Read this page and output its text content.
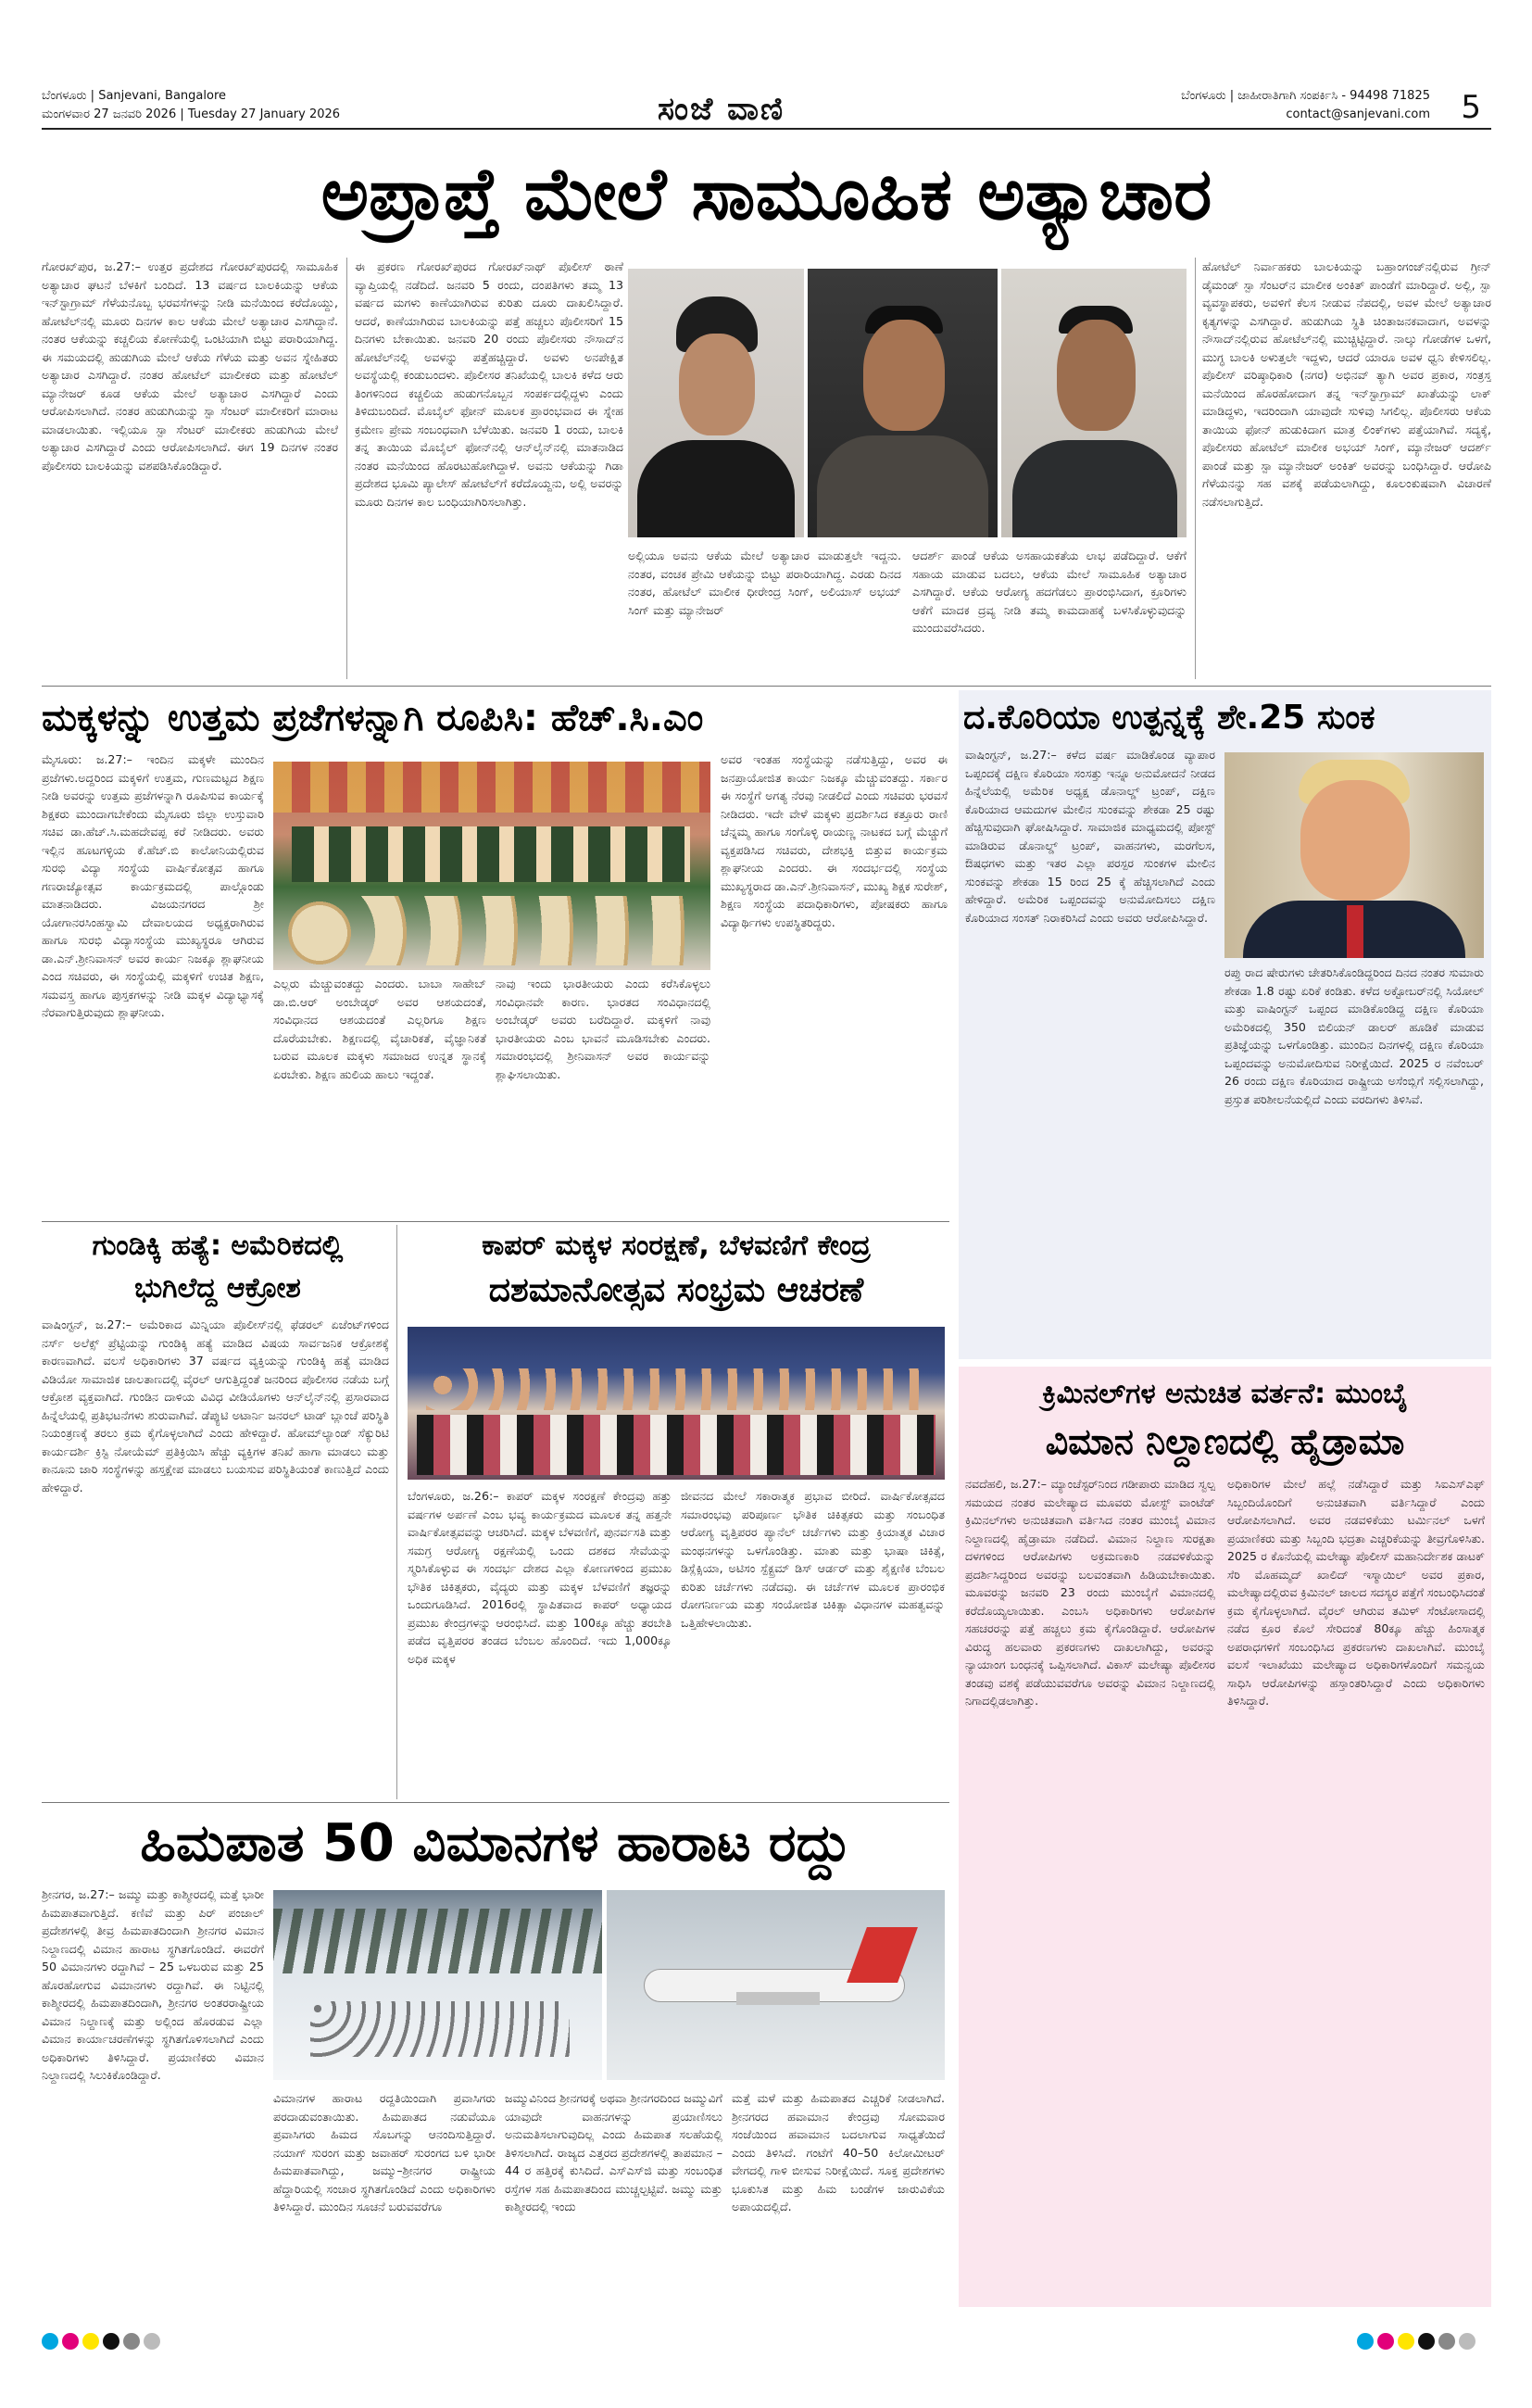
ಬೆಂಗಳೂರು | Sanjevani, Bangalore
ಮಂಗಳವಾರ 27 ಜನವರಿ 2026 | Tuesday 27 January 2026	ಸಂಜೆ ವಾಣಿ	ಬೆಂಗಳೂರು | ಜಾಹೀರಾತಿಗಾಗಿ ಸಂಪರ್ಕಿಸಿ - 94498 71825
contact@sanjevani.com 5
ಅಪ್ರಾಪ್ತೆ ಮೇಲೆ ಸಾಮೂಹಿಕ ಅತ್ಯಾಚಾರ
ಗೋರಖ್‌ಪುರ, ಜ.27:– ಉತ್ತರ ಪ್ರದೇಶದ ಗೋರಖ್‌ಪುರದಲ್ಲಿ ಸಾಮೂಹಿಕ ಅತ್ಯಾಚಾರ ಘಟನೆ ಬೆಳಕಿಗೆ ಬಂದಿದೆ. 13 ವರ್ಷದ ಬಾಲಕಿಯನ್ನು ಆಕೆಯ ಇನ್‌ಸ್ಟಾಗ್ರಾಮ್ ಗೆಳೆಯನೊಬ್ಬ ಭರವಸೆಗಳನ್ನು ನೀಡಿ ಮನೆಯಿಂದ ಕರೆದೊಯ್ದು, ಹೋಟೆಲ್‌ನಲ್ಲಿ ಮೂರು ದಿನಗಳ ಕಾಲ ಆಕೆಯ ಮೇಲೆ ಅತ್ಯಾಚಾರ ಎಸಗಿದ್ದಾನೆ. ನಂತರ ಆಕೆಯನ್ನು ಕಚ್ಚಲಿಯ ಕೋಣೆಯಲ್ಲಿ ಒಂಟಿಯಾಗಿ ಬಿಟ್ಟು ಪರಾರಿಯಾಗಿದ್ದ. ಈ ಸಮಯದಲ್ಲಿ ಹುಡುಗಿಯ ಮೇಲೆ ಆಕೆಯ ಗೆಳೆಯ ಮತ್ತು ಅವನ ಸ್ನೇಹಿತರು ಅತ್ಯಾಚಾರ ಎಸಗಿದ್ದಾರೆ. ನಂತರ ಹೋಟೆಲ್ ಮಾಲೀಕರು ಮತ್ತು ಹೋಟೆಲ್ ಮ್ಯಾನೇಜರ್ ಕೂಡ ಆಕೆಯ ಮೇಲೆ ಅತ್ಯಾಚಾರ ಎಸಗಿದ್ದಾರೆ ಎಂದು ಆರೋಪಿಸಲಾಗಿದೆ. ನಂತರ ಹುಡುಗಿಯನ್ನು ಸ್ಪಾ ಸೆಂಟರ್ ಮಾಲೀಕರಿಗೆ ಮಾರಾಟ ಮಾಡಲಾಯಿತು. ಇಲ್ಲಿಯೂ ಸ್ಪಾ ಸೆಂಟರ್ ಮಾಲೀಕರು ಹುಡುಗಿಯ ಮೇಲೆ ಅತ್ಯಾಚಾರ ಎಸಗಿದ್ದಾರೆ ಎಂದು ಆರೋಪಿಸಲಾಗಿದೆ. ಈಗ 19 ದಿನಗಳ ನಂತರ ಪೊಲೀಸರು ಬಾಲಕಿಯನ್ನು ವಶಪಡಿಸಿಕೊಂಡಿದ್ದಾರೆ.
ಈ ಪ್ರಕರಣ ಗೋರಖ್‌ಪುರದ ಗೋರಖ್‌ನಾಥ್ ಪೊಲೀಸ್ ಠಾಣೆ ವ್ಯಾಪ್ತಿಯಲ್ಲಿ ನಡೆದಿದೆ. ಜನವರಿ 5 ರಂದು, ದಂಪತಿಗಳು ತಮ್ಮ 13 ವರ್ಷದ ಮಗಳು ಕಾಣೆಯಾಗಿರುವ ಕುರಿತು ದೂರು ದಾಖಲಿಸಿದ್ದಾರೆ. ಆದರೆ, ಕಾಣೆಯಾಗಿರುವ ಬಾಲಕಿಯನ್ನು ಪತ್ತೆ ಹಚ್ಚಲು ಪೊಲೀಸರಿಗೆ 15 ದಿನಗಳು ಬೇಕಾಯಿತು. ಜನವರಿ 20 ರಂದು ಪೊಲೀಸರು ನೌಸಾದ್‌ನ ಹೋಟೆಲ್‌ನಲ್ಲಿ ಅವಳನ್ನು ಪತ್ತೆಹಚ್ಚಿದ್ದಾರೆ. ಅವಳು ಅನಪೇಕ್ಷಿತ ಅವಸ್ಥೆಯಲ್ಲಿ ಕಂಡುಬಂದಳು. ಪೊಲೀಸರ ತನಿಖೆಯಲ್ಲಿ ಬಾಲಕಿ ಕಳೆದ ಆರು ತಿಂಗಳಿನಿಂದ ಕಚ್ಚಲಿಯ ಹುಡುಗನೊಬ್ಬನ ಸಂಪರ್ಕದಲ್ಲಿದ್ದಳು ಎಂದು ತಿಳಿದುಬಂದಿದೆ. ಮೊಬೈಲ್ ಫೋನ್ ಮೂಲಕ ಪ್ರಾರಂಭವಾದ ಈ ಸ್ನೇಹ ಕ್ರಮೇಣ ಪ್ರೇಮ ಸಂಬಂಧವಾಗಿ ಬೆಳೆಯಿತು. ಜನವರಿ 1 ರಂದು, ಬಾಲಕಿ ತನ್ನ ತಾಯಿಯ ಮೊಬೈಲ್ ಫೋನ್‌ನಲ್ಲಿ ಆನ್‌ಲೈನ್‌ನಲ್ಲಿ ಮಾತನಾಡಿದ ನಂತರ ಮನೆಯಿಂದ ಹೊರಟುಹೋಗಿದ್ದಾಳೆ. ಅವನು ಆಕೆಯನ್ನು ಗಿಡಾ ಪ್ರದೇಶದ ಭೂಮಿ ಪ್ಯಾಲೇಸ್ ಹೋಟೆಲ್‌ಗೆ ಕರೆದೊಯ್ದನು, ಅಲ್ಲಿ ಅವರನ್ನು ಮೂರು ದಿನಗಳ ಕಾಲ ಬಂಧಿಯಾಗಿರಿಸಲಾಗಿತ್ತು.
ಅಲ್ಲಿಯೂ ಅವನು ಆಕೆಯ ಮೇಲೆ ಅತ್ಯಾಚಾರ ಮಾಡುತ್ತಲೇ ಇದ್ದನು. ನಂತರ, ವಂಚಕ ಪ್ರೇಮಿ ಆಕೆಯನ್ನು ಬಿಟ್ಟು ಪರಾರಿಯಾಗಿದ್ದ. ಎರಡು ದಿನದ ನಂತರ, ಹೋಟೆಲ್ ಮಾಲೀಕ ಧೀರೇಂದ್ರ ಸಿಂಗ್, ಅಲಿಯಾಸ್ ಅಭಯ್ ಸಿಂಗ್ ಮತ್ತು ಮ್ಯಾನೇಜರ್
ಆದರ್ಶ್ ಪಾಂಡೆ ಆಕೆಯ ಅಸಹಾಯಕತೆಯ ಲಾಭ ಪಡೆದಿದ್ದಾರೆ. ಆಕೆಗೆ ಸಹಾಯ ಮಾಡುವ ಬದಲು, ಆಕೆಯ ಮೇಲೆ ಸಾಮೂಹಿಕ ಅತ್ಯಾಚಾರ ಎಸಗಿದ್ದಾರೆ. ಆಕೆಯ ಆರೋಗ್ಯ ಹದಗೆಡಲು ಪ್ರಾರಂಭಿಸಿದಾಗ, ಕ್ರೂರಿಗಳು ಆಕೆಗೆ ಮಾದಕ ದ್ರವ್ಯ ನೀಡಿ ತಮ್ಮ ಕಾಮದಾಹಕ್ಕೆ ಬಳಸಿಕೊಳ್ಳುವುದನ್ನು ಮುಂದುವರೆಸಿದರು.
ಹೋಟೆಲ್ ನಿರ್ವಾಹಕರು ಬಾಲಕಿಯನ್ನು ಬಹ್ರಾಂಗಂಜ್‌ನಲ್ಲಿರುವ ಗ್ರೀನ್ ಡೈಮಂಡ್ ಸ್ಪಾ ಸೆಂಟರ್‌ನ ಮಾಲೀಕ ಅಂಕಿತ್ ಪಾಂಡೆಗೆ ಮಾರಿದ್ದಾರೆ. ಅಲ್ಲಿ, ಸ್ಪಾ ವ್ಯವಸ್ಥಾಪಕರು, ಅವಳಿಗೆ ಕೆಲಸ ನೀಡುವ ನೆಪದಲ್ಲಿ, ಅವಳ ಮೇಲೆ ಅತ್ಯಾಚಾರ ಕೃತ್ಯಗಳನ್ನು ಎಸಗಿದ್ದಾರೆ. ಹುಡುಗಿಯ ಸ್ಥಿತಿ ಚಿಂತಾಜನಕವಾದಾಗ, ಅವಳನ್ನು ನೌಸಾದ್‌ನಲ್ಲಿರುವ ಹೋಟೆಲ್‌ನಲ್ಲಿ ಮುಚ್ಚಿಟ್ಟಿದ್ದಾರೆ. ನಾಲ್ಕು ಗೋಡೆಗಳ ಒಳಗೆ, ಮುಗ್ಧ ಬಾಲಕಿ ಅಳುತ್ತಲೇ ಇದ್ದಳು, ಆದರೆ ಯಾರೂ ಅವಳ ಧ್ವನಿ ಕೇಳಿಸಲಿಲ್ಲ. ಪೊಲೀಸ್ ವರಿಷ್ಠಾಧಿಕಾರಿ (ನಗರ) ಅಭಿನವ್ ತ್ಯಾಗಿ ಅವರ ಪ್ರಕಾರ, ಸಂತ್ರಸ್ತ ಮನೆಯಿಂದ ಹೊರಹೋದಾಗ ತನ್ನ ಇನ್‌ಸ್ಟಾಗ್ರಾಮ್ ಖಾತೆಯನ್ನು ಲಾಕ್ ಮಾಡಿದ್ದಳು, ಇದರಿಂದಾಗಿ ಯಾವುದೇ ಸುಳಿವು ಸಿಗಲಿಲ್ಲ. ಪೊಲೀಸರು ಆಕೆಯ ತಾಯಿಯ ಫೋನ್ ಹುಡುಕಿದಾಗ ಮಾತ್ರ ಲಿಂಕ್‌ಗಳು ಪತ್ತೆಯಾಗಿವೆ. ಸದ್ಯಕ್ಕೆ, ಪೊಲೀಸರು ಹೋಟೆಲ್ ಮಾಲೀಕ ಅಭಯ್ ಸಿಂಗ್, ಮ್ಯಾನೇಜರ್ ಆದರ್ಶ್ ಪಾಂಡೆ ಮತ್ತು ಸ್ಪಾ ಮ್ಯಾನೇಜರ್ ಅಂಕಿತ್ ಅವರನ್ನು ಬಂಧಿಸಿದ್ದಾರೆ. ಆರೋಪಿ ಗೆಳೆಯನನ್ನು ಸಹ ವಶಕ್ಕೆ ಪಡೆಯಲಾಗಿದ್ದು, ಕೂಲಂಕುಷವಾಗಿ ವಿಚಾರಣೆ ನಡೆಸಲಾಗುತ್ತಿದೆ.
ಮಕ್ಕಳನ್ನು ಉತ್ತಮ ಪ್ರಜೆಗಳನ್ನಾಗಿ ರೂಪಿಸಿ: ಹೆಚ್.ಸಿ.ಎಂ
ಮೈಸೂರು: ಜ.27:– ಇಂದಿನ ಮಕ್ಕಳೇ ಮುಂದಿನ ಪ್ರಜೆಗಳು.ಅದ್ದರಿಂದ ಮಕ್ಕಳಿಗೆ ಉತ್ತಮ, ಗುಣಮಟ್ಟದ ಶಿಕ್ಷಣ ನೀಡಿ ಅವರನ್ನು ಉತ್ತಮ ಪ್ರಜೆಗಳನ್ನಾಗಿ ರೂಪಿಸುವ ಕಾರ್ಯಕ್ಕೆ ಶಿಕ್ಷಕರು ಮುಂದಾಗಬೇಕೆಂದು ಮೈಸೂರು ಜಿಲ್ಲಾ ಉಸ್ತುವಾರಿ ಸಚಿವ ಡಾ.ಹೆಚ್.ಸಿ.ಮಹದೇವಪ್ಪ ಕರೆ ನೀಡಿದರು. ಅವರು ಇಲ್ಲಿನ ಹೂಟಗಳ್ಳಿಯ ಕೆ.ಹೆಚ್.ಬಿ ಕಾಲೋನಿಯಲ್ಲಿರುವ ಸುರಭಿ ವಿದ್ಯಾ ಸಂಸ್ಥೆಯ ವಾರ್ಷಿಕೋತ್ಸವ ಹಾಗೂ ಗಣರಾಜ್ಯೋತ್ಸವ ಕಾರ್ಯಕ್ರಮದಲ್ಲಿ ಪಾಲ್ಗೊಂಡು ಮಾತನಾಡಿದರು. ವಿಜಯನಗರದ ಶ್ರೀ ಯೋಗಾನರಸಿಂಹಸ್ವಾಮಿ ದೇವಾಲಯದ ಅಧ್ಯಕ್ಷರಾಗಿರುವ ಹಾಗೂ ಸುರಭಿ ವಿದ್ಯಾಸಂಸ್ಥೆಯ ಮುಖ್ಯಸ್ಥರೂ ಆಗಿರುವ ಡಾ.ಎನ್.ಶ್ರೀನಿವಾಸನ್ ಅವರ ಕಾರ್ಯ ನಿಜಕ್ಕೂ ಶ್ಲಾಘನೀಯ ಎಂದ ಸಚಿವರು, ಈ ಸಂಸ್ಥೆಯಲ್ಲಿ ಮಕ್ಕಳಿಗೆ ಉಚಿತ ಶಿಕ್ಷಣ, ಸಮವಸ್ತ್ರ ಹಾಗೂ ಪುಸ್ತಕಗಳನ್ನು ನೀಡಿ ಮಕ್ಕಳ ವಿದ್ಯಾಭ್ಯಾಸಕ್ಕೆ ನೆರವಾಗುತ್ತಿರುವುದು ಶ್ಲಾಘನೀಯ.
ಎಲ್ಲರು ಮೆಚ್ಚುವಂತದ್ದು ಎಂದರು. ಬಾಬಾ ಸಾಹೇಬ್ ಡಾ.ಬಿ.ಆರ್ ಅಂಬೇಡ್ಕರ್ ಅವರ ಆಶಯದಂತೆ, ಸಂವಿಧಾನದ ಆಶಯದಂತೆ ಎಲ್ಲರಿಗೂ ಶಿಕ್ಷಣ ದೊರೆಯಬೇಕು. ಶಿಕ್ಷಣದಲ್ಲಿ ವೈಚಾರಿಕತೆ, ವೈಜ್ಞಾನಿಕತೆ ಬರುವ ಮೂಲಕ ಮಕ್ಕಳು ಸಮಾಜದ ಉನ್ನತ ಸ್ಥಾನಕ್ಕೆ ಏರಬೇಕು. ಶಿಕ್ಷಣ ಹುಲಿಯ ಹಾಲು ಇದ್ದಂತೆ.
ನಾವು ಇಂದು ಭಾರತೀಯರು ಎಂದು ಕರೆಸಿಕೊಳ್ಳಲು ಸಂವಿಧಾನವೇ ಕಾರಣ. ಭಾರತದ ಸಂವಿಧಾನದಲ್ಲಿ ಅಂಬೇಡ್ಕರ್ ಅವರು ಬರೆದಿದ್ದಾರೆ. ಮಕ್ಕಳಿಗೆ ನಾವು ಭಾರತೀಯರು ಎಂಬ ಭಾವನೆ ಮೂಡಿಸಬೇಕು ಎಂದರು. ಸಮಾರಂಭದಲ್ಲಿ ಶ್ರೀನಿವಾಸನ್ ಅವರ ಕಾರ್ಯವನ್ನು ಶ್ಲಾಘಿಸಲಾಯಿತು.
ಅವರ ಇಂತಹ ಸಂಸ್ಥೆಯನ್ನು ನಡೆಸುತ್ತಿದ್ದು, ಅವರ ಈ ಜನಪ್ರಾಯೋಜಿತ ಕಾರ್ಯ ನಿಜಕ್ಕೂ ಮೆಚ್ಚುವಂತದ್ದು. ಸರ್ಕಾರ ಈ ಸಂಸ್ಥೆಗೆ ಅಗತ್ಯ ನೆರವು ನೀಡಲಿದೆ ಎಂದು ಸಚಿವರು ಭರವಸೆ ನೀಡಿದರು. ಇದೇ ವೇಳೆ ಮಕ್ಕಳು ಪ್ರದರ್ಶಿಸಿದ ಕತ್ತೂರು ರಾಣಿ ಚೆನ್ನಮ್ಮ ಹಾಗೂ ಸಂಗೊಳ್ಳಿ ರಾಯಣ್ಣ ನಾಟಕದ ಬಗ್ಗೆ ಮೆಚ್ಚುಗೆ ವ್ಯಕ್ತಪಡಿಸಿದ ಸಚಿವರು, ದೇಶಭಕ್ತಿ ಬಿತ್ತುವ ಕಾರ್ಯಕ್ರಮ ಶ್ಲಾಘನೀಯ ಎಂದರು. ಈ ಸಂದರ್ಭದಲ್ಲಿ ಸಂಸ್ಥೆಯ ಮುಖ್ಯಸ್ಥರಾದ ಡಾ.ಎನ್.ಶ್ರೀನಿವಾಸನ್, ಮುಖ್ಯ ಶಿಕ್ಷಕ ಸುರೇಶ್, ಶಿಕ್ಷಣ ಸಂಸ್ಥೆಯ ಪದಾಧಿಕಾರಿಗಳು, ಪೋಷಕರು ಹಾಗೂ ವಿದ್ಯಾರ್ಥಿಗಳು ಉಪಸ್ಥಿತರಿದ್ದರು.
ದ.ಕೊರಿಯಾ ಉತ್ಪನ್ನಕ್ಕೆ ಶೇ.25 ಸುಂಕ
ವಾಷಿಂಗ್ಟನ್, ಜ.27:– ಕಳೆದ ವರ್ಷ ಮಾಡಿಕೊಂಡ ವ್ಯಾಪಾರ ಒಪ್ಪಂದಕ್ಕೆ ದಕ್ಷಿಣ ಕೊರಿಯಾ ಸಂಸತ್ತು ಇನ್ನೂ ಅನುಮೋದನೆ ನೀಡದ ಹಿನ್ನೆಲೆಯಲ್ಲಿ ಅಮೆರಿಕ ಅಧ್ಯಕ್ಷ ಡೊನಾಲ್ಡ್ ಟ್ರಂಪ್, ದಕ್ಷಿಣ ಕೊರಿಯಾದ ಆಮದುಗಳ ಮೇಲಿನ ಸುಂಕವನ್ನು ಶೇಕಡಾ 25 ರಷ್ಟು ಹೆಚ್ಚಿಸುವುದಾಗಿ ಘೋಷಿಸಿದ್ದಾರೆ. ಸಾಮಾಜಿಕ ಮಾಧ್ಯಮದಲ್ಲಿ ಪೋಸ್ಟ್ ಮಾಡಿರುವ ಡೊನಾಲ್ಡ್ ಟ್ರಂಪ್, ವಾಹನಗಳು, ಮರಗೆಲಸ, ಔಷಧಗಳು ಮತ್ತು ಇತರ ಎಲ್ಲಾ ಪರಸ್ಪರ ಸುಂಕಗಳ ಮೇಲಿನ ಸುಂಕವನ್ನು ಶೇಕಡಾ 15 ರಿಂದ 25 ಕ್ಕೆ ಹೆಚ್ಚಿಸಲಾಗಿದೆ ಎಂದು ಹೇಳಿದ್ದಾರೆ. ಅಮೆರಿಕ ಒಪ್ಪಂದವನ್ನು ಅನುಮೋದಿಸಲು ದಕ್ಷಿಣ ಕೊರಿಯಾದ ಸಂಸತ್ ನಿರಾಕರಿಸಿದೆ ಎಂದು ಅವರು ಆರೋಪಿಸಿದ್ದಾರೆ.
ರಪ್ತು ರಾದ ಷೇರುಗಳು ಚೇತರಿಸಿಕೊಂಡಿದ್ದರಿಂದ ದಿನದ ನಂತರ ಸುಮಾರು ಶೇಕಡಾ 1.8 ರಷ್ಟು ಏರಿಕೆ ಕಂಡಿತು. ಕಳೆದ ಅಕ್ಟೋಬರ್‌ನಲ್ಲಿ ಸಿಯೋಲ್ ಮತ್ತು ವಾಷಿಂಗ್ಟನ್ ಒಪ್ಪಂದ ಮಾಡಿಕೊಂಡಿದ್ದ ದಕ್ಷಿಣ ಕೊರಿಯಾ ಅಮೆರಿಕದಲ್ಲಿ 350 ಬಿಲಿಯನ್ ಡಾಲರ್ ಹೂಡಿಕೆ ಮಾಡುವ ಪ್ರತಿಜ್ಞೆಯನ್ನು ಒಳಗೊಂಡಿತ್ತು. ಮುಂದಿನ ದಿನಗಳಲ್ಲಿ ದಕ್ಷಿಣ ಕೊರಿಯಾ ಒಪ್ಪಂದವನ್ನು ಅನುಮೋದಿಸುವ ನಿರೀಕ್ಷೆಯಿದೆ. 2025 ರ ನವೆಂಬರ್ 26 ರಂದು ದಕ್ಷಿಣ ಕೊರಿಯಾದ ರಾಷ್ಟ್ರೀಯ ಅಸೆಂಬ್ಲಿಗೆ ಸಲ್ಲಿಸಲಾಗಿದ್ದು, ಪ್ರಸ್ತುತ ಪರಿಶೀಲನೆಯಲ್ಲಿದೆ ಎಂದು ವರದಿಗಳು ತಿಳಿಸಿವೆ.
ಗುಂಡಿಕ್ಕಿ ಹತ್ಯೆ: ಅಮೆರಿಕದಲ್ಲಿ
ಭುಗಿಲೆದ್ದ ಆಕ್ರೋಶ
ವಾಷಿಂಗ್ಟನ್, ಜ.27:– ಅಮೆರಿಕಾದ ಮಿನ್ನಿಯಾ ಪೊಲೀಸ್‌ನಲ್ಲಿ ಫೆಡರಲ್ ಏಜೆಂಟ್‌ಗಳಿಂದ ನರ್ಸ್ ಅಲೆಕ್ಸ್ ಪ್ರೆಟ್ಟಿಯನ್ನು ಗುಂಡಿಕ್ಕಿ ಹತ್ಯೆ ಮಾಡಿದ ವಿಷಯ ಸಾರ್ವಜನಿಕ ಆಕ್ರೋಶಕ್ಕೆ ಕಾರಣವಾಗಿದೆ. ವಲಸೆ ಅಧಿಕಾರಿಗಳು 37 ವರ್ಷದ ವ್ಯಕ್ತಿಯನ್ನು ಗುಂಡಿಕ್ಕಿ ಹತ್ಯೆ ಮಾಡಿದ ವಿಡಿಯೋ ಸಾಮಾಜಿಕ ಜಾಲತಾಣದಲ್ಲಿ ವೈರಲ್ ಆಗುತ್ತಿದ್ದಂತೆ ಜನರಿಂದ ಪೊಲೀಸರ ನಡೆಯ ಬಗ್ಗೆ ಆಕ್ರೋಶ ವ್ಯಕ್ತವಾಗಿದೆ. ಗುಂಡಿನ ದಾಳಿಯ ವಿವಿಧ ವೀಡಿಯೊಗಳು ಆನ್‌ಲೈನ್‌ನಲ್ಲಿ ಪ್ರಸಾರವಾದ ಹಿನ್ನೆಲೆಯಲ್ಲಿ ಪ್ರತಿಭಟನೆಗಳು ಶುರುವಾಗಿವೆ. ಡೆಪ್ಯುಟಿ ಅಟಾರ್ನಿ ಜನರಲ್ ಟಾಡ್ ಬ್ಲಾಂಚೆ ಪರಿಸ್ಥಿತಿ ನಿಯಂತ್ರಣಕ್ಕೆ ತರಲು ಕ್ರಮ ಕೈಗೊಳ್ಳಲಾಗಿದೆ ಎಂದು ಹೇಳಿದ್ದಾರೆ. ಹೋಮ್‌ಲ್ಯಾಂಡ್ ಸೆಕ್ಯುರಿಟಿ ಕಾರ್ಯದರ್ಶಿ ಕ್ರಿಸ್ಟಿ ನೋಯೆಮ್ ಪ್ರತಿಕ್ರಿಯಿಸಿ ಹೆಚ್ಚು ವ್ಯಕ್ತಿಗಳ ತನಿಖೆ ಹಾಗಾ ಮಾಡಲು ಮತ್ತು ಕಾನೂನು ಜಾರಿ ಸಂಸ್ಥೆಗಳನ್ನು ಹಸ್ತಕ್ಷೇಪ ಮಾಡಲು ಬಯಸುವ ಪರಿಸ್ಥಿತಿಯಂತೆ ಕಾಣುತ್ತಿದೆ ಎಂದು ಹೇಳಿದ್ದಾರೆ.
ಕಾಪರ್ ಮಕ್ಕಳ ಸಂರಕ್ಷಣೆ, ಬೆಳವಣಿಗೆ ಕೇಂದ್ರ
ದಶಮಾನೋತ್ಸವ ಸಂಭ್ರಮ ಆಚರಣೆ
ಬೆಂಗಳೂರು, ಜ.26:– ಕಾಪರ್ ಮಕ್ಕಳ ಸಂರಕ್ಷಣೆ ಕೇಂದ್ರವು ಹತ್ತು ವರ್ಷಗಳ ಅರ್ಪಣೆ ಎಂಬ ಭವ್ಯ ಕಾರ್ಯಕ್ರಮದ ಮೂಲಕ ತನ್ನ ಹತ್ತನೇ ವಾರ್ಷಿಕೋತ್ಸವವನ್ನು ಆಚರಿಸಿದೆ. ಮಕ್ಕಳ ಬೆಳವಣಿಗೆ, ಪುನರ್ವಸತಿ ಮತ್ತು ಸಮಗ್ರ ಆರೋಗ್ಯ ರಕ್ಷಣೆಯಲ್ಲಿ ಒಂದು ದಶಕದ ಸೇವೆಯನ್ನು ಸ್ಮರಿಸಿಕೊಳ್ಳುವ ಈ ಸಂದರ್ಭ ದೇಶದ ಎಲ್ಲಾ ಕೋಣಗಳಿಂದ ಪ್ರಮುಖ ಭೌತಿಕ ಚಿಕಿತ್ಸಕರು, ವೈದ್ಯರು ಮತ್ತು ಮಕ್ಕಳ ಬೆಳವಣಿಗೆ ತಜ್ಞರನ್ನು ಒಂದುಗೂಡಿಸಿದೆ. 2016ರಲ್ಲಿ ಸ್ಥಾಪಿತವಾದ ಕಾಪರ್ ಅಧ್ಯಾಯದ ಪ್ರಮುಖ ಕೇಂದ್ರಗಳನ್ನು ಆರಂಭಿಸಿದೆ. ಮತ್ತು 100ಕ್ಕೂ ಹೆಚ್ಚು ತರಬೇತಿ ಪಡೆದ ವೃತ್ತಿಪರರ ತಂಡದ ಬೆಂಬಲ ಹೊಂದಿದೆ. ಇದು 1,000ಕ್ಕೂ ಅಧಿಕ ಮಕ್ಕಳ
ಜೀವನದ ಮೇಲೆ ಸಕಾರಾತ್ಮಕ ಪ್ರಭಾವ ಬೀರಿದೆ. ವಾರ್ಷಿಕೋತ್ಸವದ ಸಮಾರಂಭವು ಪರಿಪೂರ್ಣ ಭೌತಿಕ ಚಿಕಿತ್ಸಕರು ಮತ್ತು ಸಂಬಂಧಿತ ಆರೋಗ್ಯ ವೃತ್ತಿಪರರ ಪ್ಯಾನೆಲ್ ಚರ್ಚೆಗಳು ಮತ್ತು ಕ್ರಿಯಾತ್ಮಕ ವಿಚಾರ ಮಂಥನಗಳನ್ನು ಒಳಗೊಂಡಿತ್ತು. ಮಾತು ಮತ್ತು ಭಾಷಾ ಚಿಕಿತ್ಸೆ, ಡಿಸ್ಲೆಕ್ಸಿಯಾ, ಅಟಿಸಂ ಸ್ಪೆಕ್ಟ್ರಮ್ ಡಿಸ್ ಆರ್ಡರ್ ಮತ್ತು ಶೈಕ್ಷಣಿಕ ಬೆಂಬಲ ಕುರಿತು ಚರ್ಚೆಗಳು ನಡೆದವು. ಈ ಚರ್ಚೆಗಳ ಮೂಲಕ ಪ್ರಾರಂಭಿಕ ರೋಗನಿರ್ಣಯ ಮತ್ತು ಸಂಯೋಜಿತ ಚಿಕಿತ್ಸಾ ವಿಧಾನಗಳ ಮಹತ್ವವನ್ನು ಒತ್ತಿಹೇಳಲಾಯಿತು.
ಕ್ರಿಮಿನಲ್‌ಗಳ ಅನುಚಿತ ವರ್ತನೆ: ಮುಂಬೈ
ವಿಮಾನ ನಿಲ್ದಾಣದಲ್ಲಿ ಹೈಡ್ರಾಮಾ
ನವದೆಹಲಿ, ಜ.27:– ಮ್ಯಾಂಚೆಸ್ಟರ್‌ನಿಂದ ಗಡೀಪಾರು ಮಾಡಿದ ಸ್ವಲ್ಪ ಸಮಯದ ನಂತರ ಮಲೇಷ್ಯಾದ ಮೂವರು ಮೋಸ್ಟ್ ವಾಂಟೆಡ್ ಕ್ರಿಮಿನಲ್‌ಗಳು ಅನುಚಿತವಾಗಿ ವರ್ತಿಸಿದ ನಂತರ ಮುಂಬೈ ವಿಮಾನ ನಿಲ್ದಾಣದಲ್ಲಿ ಹೈಡ್ರಾಮಾ ನಡೆದಿದೆ. ವಿಮಾನ ನಿಲ್ದಾಣ ಸುರಕ್ಷತಾ ದಳಗಳಿಂದ ಆರೋಪಿಗಳು ಅಕ್ರಮಣಕಾರಿ ನಡವಳಿಕೆಯನ್ನು ಪ್ರದರ್ಶಿಸಿದ್ದರಿಂದ ಅವರನ್ನು ಬಲವಂತವಾಗಿ ಹಿಡಿಯಬೇಕಾಯಿತು. ಮೂವರನ್ನು ಜನವರಿ 23 ರಂದು ಮುಂಬೈಗೆ ವಿಮಾನದಲ್ಲಿ ಕರೆದೊಯ್ಯಲಾಯಿತು. ಎಂಬಸಿ ಅಧಿಕಾರಿಗಳು ಆರೋಪಿಗಳ ಸಹಚರರನ್ನು ಪತ್ತೆ ಹಚ್ಚಲು ಕ್ರಮ ಕೈಗೊಂಡಿದ್ದಾರೆ. ಆರೋಪಿಗಳ ವಿರುದ್ಧ ಹಲವಾರು ಪ್ರಕರಣಗಳು ದಾಖಲಾಗಿದ್ದು, ಅವರನ್ನು ನ್ಯಾಯಾಂಗ ಬಂಧನಕ್ಕೆ ಒಪ್ಪಿಸಲಾಗಿದೆ. ವಿಕಾಸ್ ಮಲೇಷ್ಯಾ ಪೊಲೀಸರ ತಂಡವು ವಶಕ್ಕೆ ಪಡೆಯುವವರೆಗೂ ಅವರನ್ನು ವಿಮಾನ ನಿಲ್ದಾಣದಲ್ಲಿ ನಿಗಾದಲ್ಲಿಡಲಾಗಿತ್ತು.
ಅಧಿಕಾರಿಗಳ ಮೇಲೆ ಹಲ್ಲೆ ನಡೆಸಿದ್ದಾರೆ ಮತ್ತು ಸಿಐಎಸ್‌ಎಫ್ ಸಿಬ್ಬಂದಿಯೊಂದಿಗೆ ಅನುಚಿತವಾಗಿ ವರ್ತಿಸಿದ್ದಾರೆ ಎಂದು ಆರೋಪಿಸಲಾಗಿದೆ. ಅವರ ನಡವಳಿಕೆಯು ಟರ್ಮಿನಲ್ ಒಳಗೆ ಪ್ರಯಾಣಿಕರು ಮತ್ತು ಸಿಬ್ಬಂದಿ ಭದ್ರತಾ ಎಚ್ಚರಿಕೆಯನ್ನು ತೀವ್ರಗೊಳಿಸಿತು. 2025 ರ ಕೊನೆಯಲ್ಲಿ ಮಲೇಷ್ಯಾ ಪೊಲೀಸ್ ಮಹಾನಿರ್ದೇಶಕ ಡಾಟಕ್ ಸೆರಿ ಮೊಹಮ್ಮದ್ ಖಾಲಿದ್ ಇಸ್ಮಾಯಿಲ್ ಅವರ ಪ್ರಕಾರ, ಮಲೇಷ್ಯಾದಲ್ಲಿರುವ ಕ್ರಿಮಿನಲ್ ಜಾಲದ ಸದಸ್ಯರ ಪತ್ತೆಗೆ ಸಂಬಂಧಿಸಿದಂತೆ ಕ್ರಮ ಕೈಗೊಳ್ಳಲಾಗಿದೆ. ವೈರಲ್ ಆಗಿರುವ ತಮಿಳ್ ಸೆಂಟೋಸಾದಲ್ಲಿ ನಡೆದ ಕ್ರೂರ ಕೊಲೆ ಸೇರಿದಂತೆ 80ಕ್ಕೂ ಹೆಚ್ಚು ಹಿಂಸಾತ್ಮಕ ಅಪರಾಧಗಳಿಗೆ ಸಂಬಂಧಿಸಿದ ಪ್ರಕರಣಗಳು ದಾಖಲಾಗಿವೆ. ಮುಂಬೈ ವಲಸೆ ಇಲಾಖೆಯು ಮಲೇಷ್ಯಾದ ಅಧಿಕಾರಿಗಳೊಂದಿಗೆ ಸಮನ್ವಯ ಸಾಧಿಸಿ ಆರೋಪಿಗಳನ್ನು ಹಸ್ತಾಂತರಿಸಿದ್ದಾರೆ ಎಂದು ಅಧಿಕಾರಿಗಳು ತಿಳಿಸಿದ್ದಾರೆ.
ಹಿಮಪಾತ 50 ವಿಮಾನಗಳ ಹಾರಾಟ ರದ್ದು
ಶ್ರೀನಗರ, ಜ.27:– ಜಮ್ಮು ಮತ್ತು ಕಾಶ್ಮೀರದಲ್ಲಿ ಮತ್ತೆ ಭಾರೀ ಹಿಮಪಾತವಾಗುತ್ತಿದೆ. ಕಣಿವೆ ಮತ್ತು ಪಿರ್ ಪಂಜಾಲ್ ಪ್ರದೇಶಗಳಲ್ಲಿ ತೀವ್ರ ಹಿಮಪಾತದಿಂದಾಗಿ ಶ್ರೀನಗರ ವಿಮಾನ ನಿಲ್ದಾಣದಲ್ಲಿ ವಿಮಾನ ಹಾರಾಟ ಸ್ಥಗಿತಗೊಂಡಿದೆ. ಈವರೆಗೆ 50 ವಿಮಾನಗಳು ರದ್ದಾಗಿವೆ – 25 ಒಳಬರುವ ಮತ್ತು 25 ಹೊರಹೋಗುವ ವಿಮಾನಗಳು ರದ್ದಾಗಿವೆ. ಈ ನಿಟ್ಟಿನಲ್ಲಿ ಕಾಶ್ಮೀರದಲ್ಲಿ ಹಿಮಪಾತದಿಂದಾಗಿ, ಶ್ರೀನಗರ ಅಂತರರಾಷ್ಟ್ರೀಯ ವಿಮಾನ ನಿಲ್ದಾಣಕ್ಕೆ ಮತ್ತು ಅಲ್ಲಿಂದ ಹೊರಡುವ ಎಲ್ಲಾ ವಿಮಾನ ಕಾರ್ಯಾಚರಣೆಗಳನ್ನು ಸ್ಥಗಿತಗೊಳಿಸಲಾಗಿದೆ ಎಂದು ಅಧಿಕಾರಿಗಳು ತಿಳಿಸಿದ್ದಾರೆ. ಪ್ರಯಾಣಿಕರು ವಿಮಾನ ನಿಲ್ದಾಣದಲ್ಲಿ ಸಿಲುಕಿಕೊಂಡಿದ್ದಾರೆ.
ವಿಮಾನಗಳ ಹಾರಾಟ ರದ್ದತಿಯಿಂದಾಗಿ ಪ್ರವಾಸಿಗರು ಪರದಾಡುವಂತಾಯಿತು. ಹಿಮಪಾತದ ನಡುವೆಯೂ ಪ್ರವಾಸಿಗರು ಹಿಮದ ಸೊಬಗನ್ನು ಆನಂದಿಸುತ್ತಿದ್ದಾರೆ. ನಯಾಗ್ ಸುರಂಗ ಮತ್ತು ಜವಾಹರ್ ಸುರಂಗದ ಬಳಿ ಭಾರೀ ಹಿಮಪಾತವಾಗಿದ್ದು, ಜಮ್ಮು–ಶ್ರೀನಗರ ರಾಷ್ಟ್ರೀಯ ಹೆದ್ದಾರಿಯಲ್ಲಿ ಸಂಚಾರ ಸ್ಥಗಿತಗೊಂಡಿದೆ ಎಂದು ಅಧಿಕಾರಿಗಳು ತಿಳಿಸಿದ್ದಾರೆ. ಮುಂದಿನ ಸೂಚನೆ ಬರುವವರೆಗೂ
ಜಮ್ಮುವಿನಿಂದ ಶ್ರೀನಗರಕ್ಕೆ ಅಥವಾ ಶ್ರೀನಗರದಿಂದ ಜಮ್ಮುವಿಗೆ ಯಾವುದೇ ವಾಹನಗಳನ್ನು ಪ್ರಯಾಣಿಸಲು ಅನುಮತಿಸಲಾಗುವುದಿಲ್ಲ ಎಂದು ಹಿಮಪಾತ ಸಲಹೆಯಲ್ಲಿ ತಿಳಿಸಲಾಗಿದೆ. ರಾಜ್ಯದ ಎತ್ತರದ ಪ್ರದೇಶಗಳಲ್ಲಿ ತಾಪಮಾನ –44 ರ ಹತ್ತಿರಕ್ಕೆ ಕುಸಿದಿದೆ. ಎಸ್‌ಎಸ್‌ಜಿ ಮತ್ತು ಸಂಬಂಧಿತ ರಸ್ತೆಗಳ ಸಹ ಹಿಮಪಾತದಿಂದ ಮುಚ್ಚಲ್ಪಟ್ಟಿವೆ. ಜಮ್ಮು ಮತ್ತು ಕಾಶ್ಮೀರದಲ್ಲಿ ಇಂದು
ಮತ್ತೆ ಮಳೆ ಮತ್ತು ಹಿಮಪಾತದ ಎಚ್ಚರಿಕೆ ನೀಡಲಾಗಿದೆ. ಶ್ರೀನಗರದ ಹವಾಮಾನ ಕೇಂದ್ರವು ಸೋಮವಾರ ಸಂಜೆಯಿಂದ ಹವಾಮಾನ ಬದಲಾಗುವ ಸಾಧ್ಯತೆಯಿದೆ ಎಂದು ತಿಳಿಸಿದೆ. ಗಂಟೆಗೆ 40–50 ಕಿಲೋಮೀಟರ್ ವೇಗದಲ್ಲಿ ಗಾಳಿ ಬೀಸುವ ನಿರೀಕ್ಷೆಯಿದೆ. ಸೂಕ್ತ ಪ್ರದೇಶಗಳು ಭೂಕುಸಿತ ಮತ್ತು ಹಿಮ ಬಂಡೆಗಳ ಜಾರುವಿಕೆಯ ಅಪಾಯದಲ್ಲಿದೆ.
